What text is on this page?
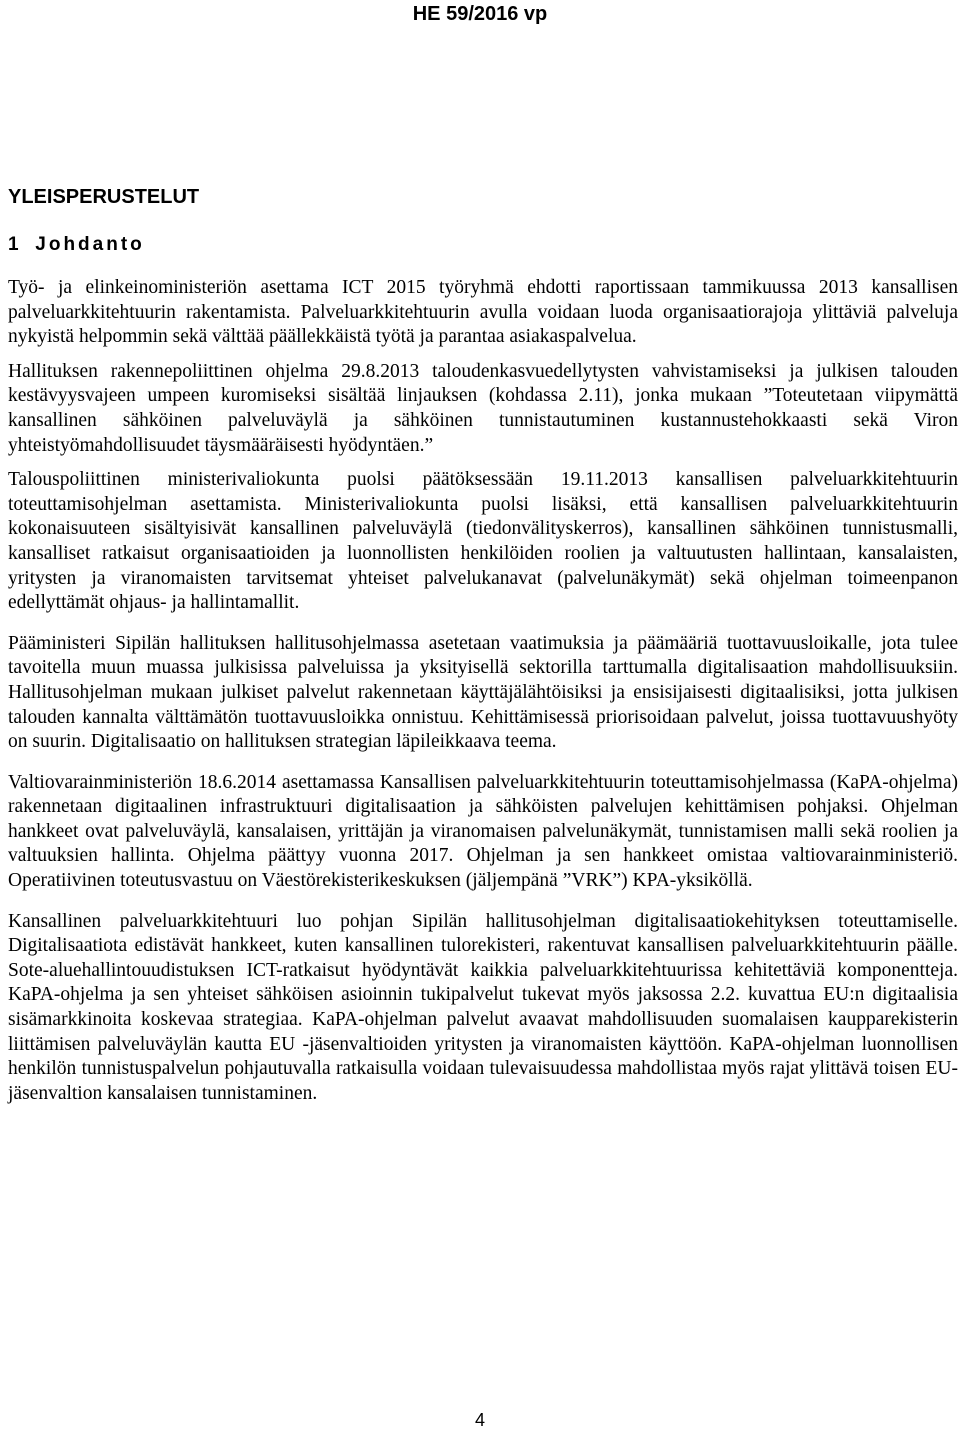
HE 59/2016 vp
YLEISPERUSTELUT
1 Johdanto

Työ- ja elinkeinoministeriön asettama ICT 2015 työryhmä ehdotti raportissaan tammikuussa 2013 kansallisen palveluarkkitehtuurin rakentamista. Palveluarkkitehtuurin avulla voidaan luoda organisaatiorajoja ylittäviä palveluja nykyistä helpommin sekä välttää päällekkäistä työtä ja parantaa asiakaspalvelua.

Hallituksen rakennepoliittinen ohjelma 29.8.2013 taloudenkasvuedellytysten vahvistamiseksi ja julkisen talouden kestävyysvajeen umpeen kuromiseksi sisältää linjauksen (kohdassa 2.11), jonka mukaan ”Toteutetaan viipymättä kansallinen sähköinen palveluväylä ja sähköinen tunnistautuminen kustannustehokkaasti sekä Viron yhteistyömahdollisuudet täysmääräisesti hyödyntäen.”

Talouspoliittinen ministerivaliokunta puolsi päätöksessään 19.11.2013 kansallisen palveluarkkitehtuurin toteuttamisohjelman asettamista. Ministerivaliokunta puolsi lisäksi, että kansallisen palveluarkkitehtuurin kokonaisuuteen sisältyisivät kansallinen palveluväylä (tiedonvälityskerros), kansallinen sähköinen tunnistusmalli, kansalliset ratkaisut organisaatioiden ja luonnollisten henkilöiden roolien ja valtuutusten hallintaan, kansalaisten, yritysten ja viranomaisten tarvitsemat yhteiset palvelukanavat (palvelunäkymät) sekä ohjelman toimeenpanon edellyttämät ohjaus- ja hallintamallit.

Pääministeri Sipilän hallituksen hallitusohjelmassa asetetaan vaatimuksia ja päämääriä tuottavuusloikalle, jota tulee tavoitella muun muassa julkisissa palveluissa ja yksityisellä sektorilla tarttumalla digitalisaation mahdollisuuksiin. Hallitusohjelman mukaan julkiset palvelut rakennetaan käyttäjälähtöisiksi ja ensisijaisesti digitaalisiksi, jotta julkisen talouden kannalta välttämätön tuottavuusloikka onnistuu. Kehittämisessä priorisoidaan palvelut, joissa tuottavuushyöty on suurin. Digitalisaatio on hallituksen strategian läpileikkaava teema.

Valtiovarainministeriön 18.6.2014 asettamassa Kansallisen palveluarkkitehtuurin toteuttamisohjelmassa (KaPA-ohjelma) rakennetaan digitaalinen infrastruktuuri digitalisaation ja sähköisten palvelujen kehittämisen pohjaksi. Ohjelman hankkeet ovat palveluväylä, kansalaisen, yrittäjän ja viranomaisen palvelunäkymät, tunnistamisen malli sekä roolien ja valtuuksien hallinta. Ohjelma päättyy vuonna 2017. Ohjelman ja sen hankkeet omistaa valtiovarainministeriö. Operatiivinen toteutusvastuu on Väestörekisterikeskuksen (jäljempänä ”VRK”) KPA-yksiköllä.

Kansallinen palveluarkkitehtuuri luo pohjan Sipilän hallitusohjelman digitalisaatiokehityksen toteuttamiselle. Digitalisaatiota edistävät hankkeet, kuten kansallinen tulorekisteri, rakentuvat kansallisen palveluarkkitehtuurin päälle. Sote-aluehallintouudistuksen ICT-ratkaisut hyödyntävät kaikkia palveluarkkitehtuurissa kehitettäviä komponentteja. KaPA-ohjelma ja sen yhteiset sähköisen asioinnin tukipalvelut tukevat myös jaksossa 2.2. kuvattua EU:n digitaalisia sisämarkkinoita koskevaa strategiaa. KaPA-ohjelman palvelut avaavat mahdollisuuden suomalaisen kaupparekisterin liittämisen palveluväylän kautta EU -jäsenvaltioiden yritysten ja viranomaisten käyttöön. KaPA-ohjelman luonnollisen henkilön tunnistuspalvelun pohjautuvalla ratkaisulla voidaan tulevaisuudessa mahdollistaa myös rajat ylittävä toisen EU-jäsenvaltion kansalaisen tunnistaminen.

4
